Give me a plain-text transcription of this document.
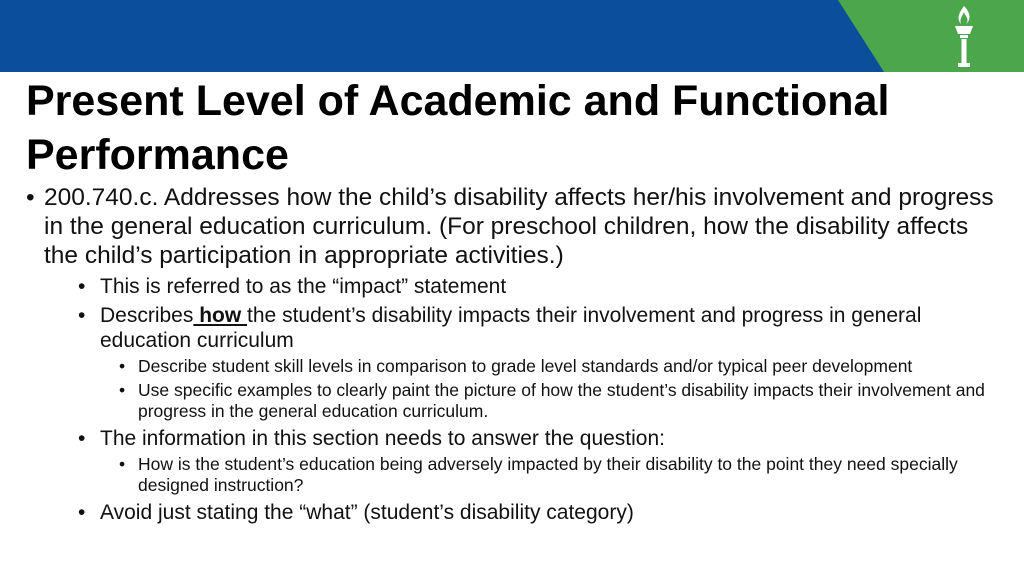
Present Level of Academic and Functional Performance
• 200.740.c. Addresses how the child’s disability affects her/his involvement and progress in the general education curriculum. (For preschool children, how the disability affects the child’s participation in appropriate activities.)
• This is referred to as the “impact” statement
• Describes how the student’s disability impacts their involvement and progress in general education curriculum
• Describe student skill levels in comparison to grade level standards and/or typical peer development
• Use specific examples to clearly paint the picture of how the student’s disability impacts their involvement and progress in the general education curriculum.
• The information in this section needs to answer the question:
• How is the student’s education being adversely impacted by their disability to the point they need specially designed instruction?
• Avoid just stating the “what” (student’s disability category)
